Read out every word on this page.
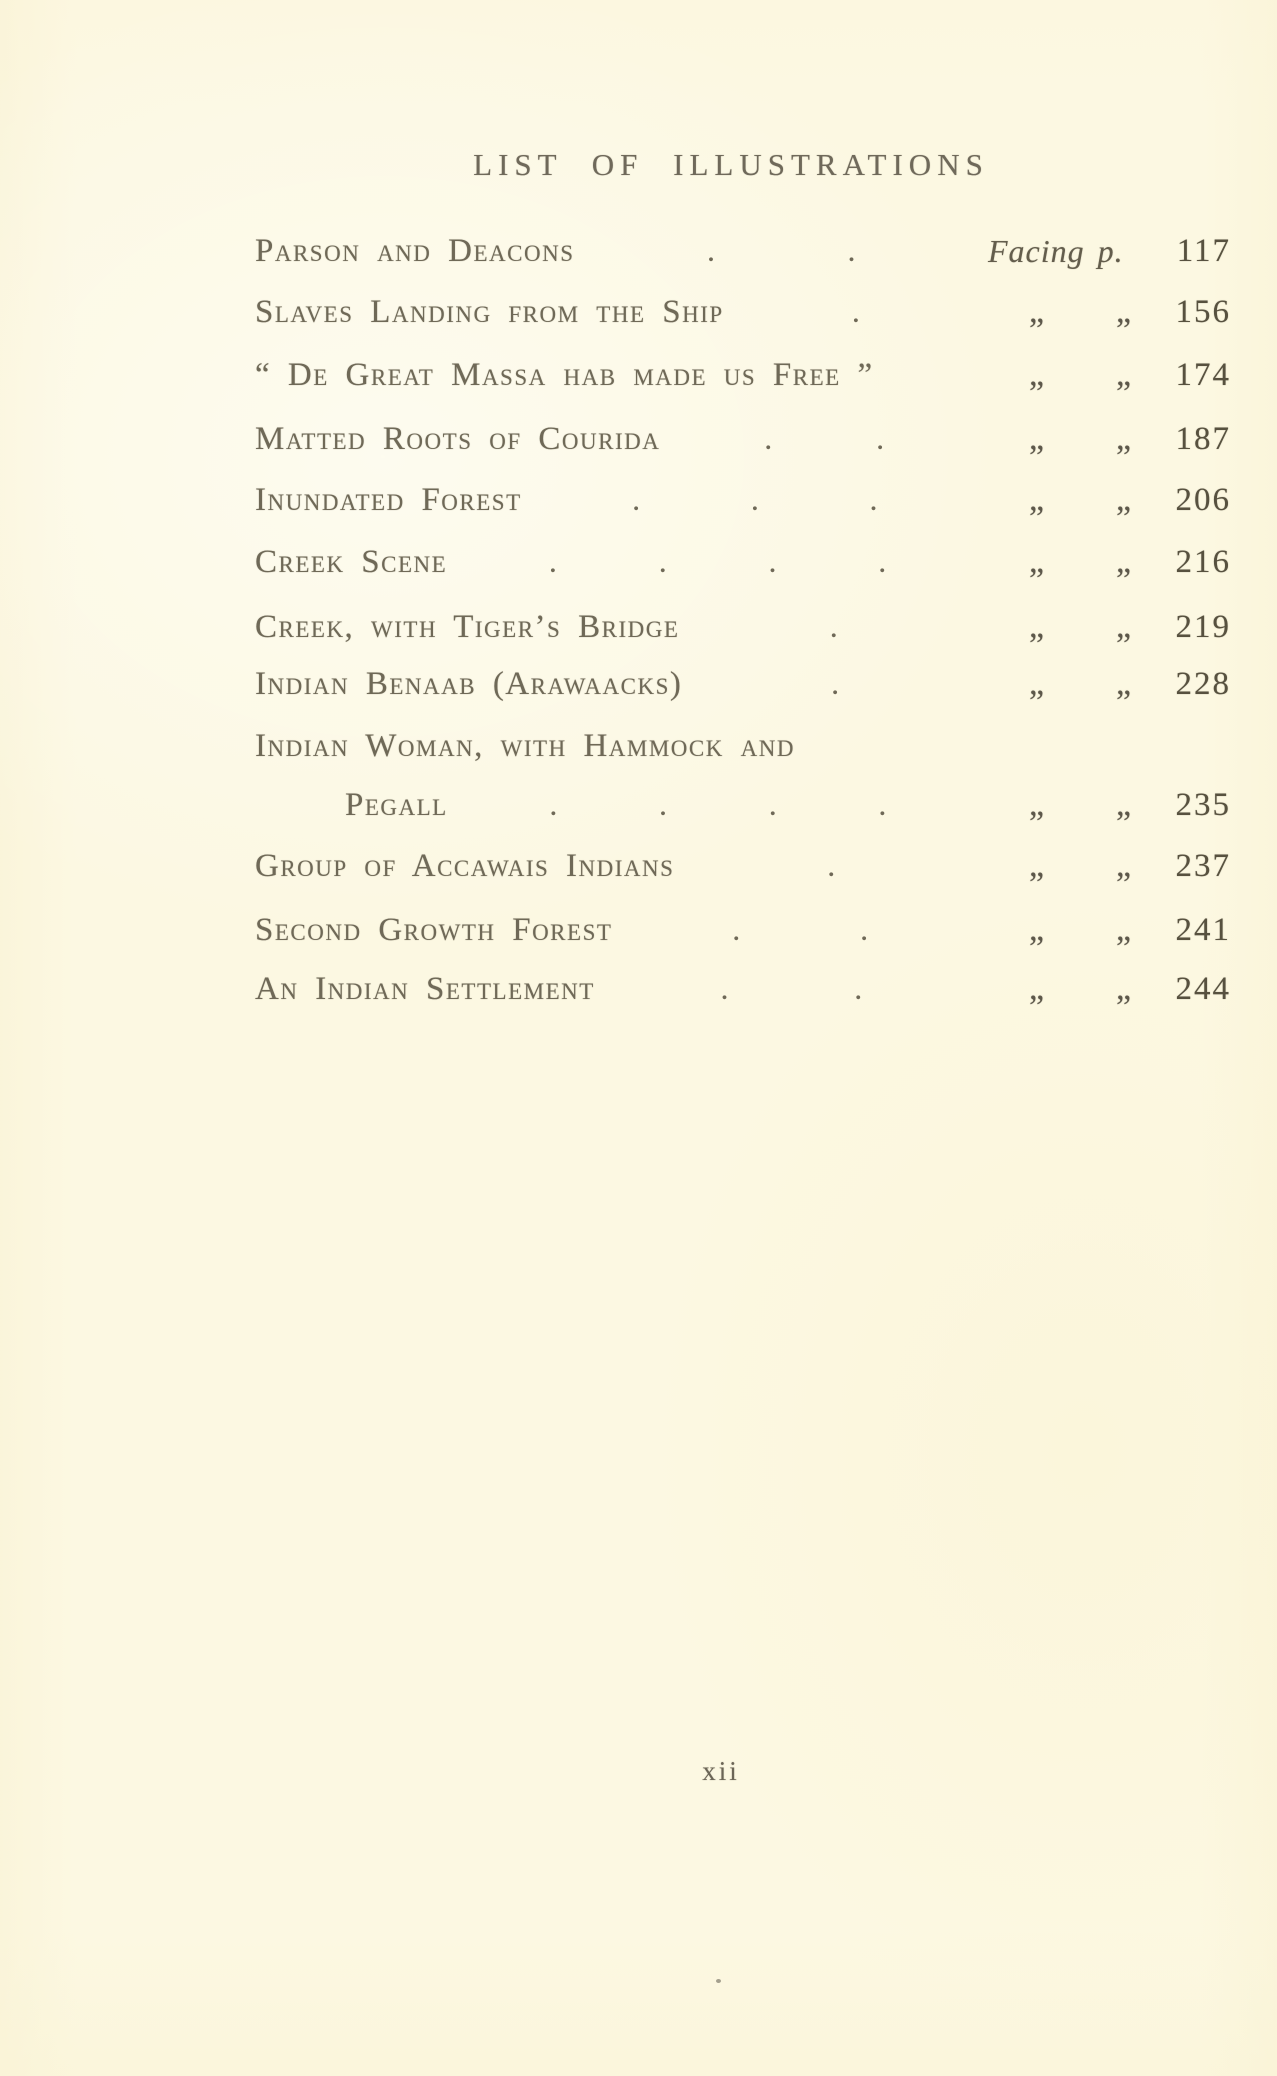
LIST OF ILLUSTRATIONS
Parson and Deacons	.	.	Facing p.	117
Slaves Landing from the Ship	.	„ „	156
“ De Great Massa hab made us Free ”	„ „	174
Matted Roots of Courida	.	.	„ „	187
Inundated Forest	.	.	.	„ „	206
Creek Scene	.	.	.	.	„ „	216
Creek, with Tiger’s Bridge	.	„ „	219
Indian Benaab (Arawaacks)	.	„ „	228
Indian Woman, with Hammock and
Pegall	.	.	.	.	„ „	235
Group of Accawais Indians	.	„ „	237
Second Growth Forest	.	.	„ „	241
An Indian Settlement	.	.	„ „	244
xii
